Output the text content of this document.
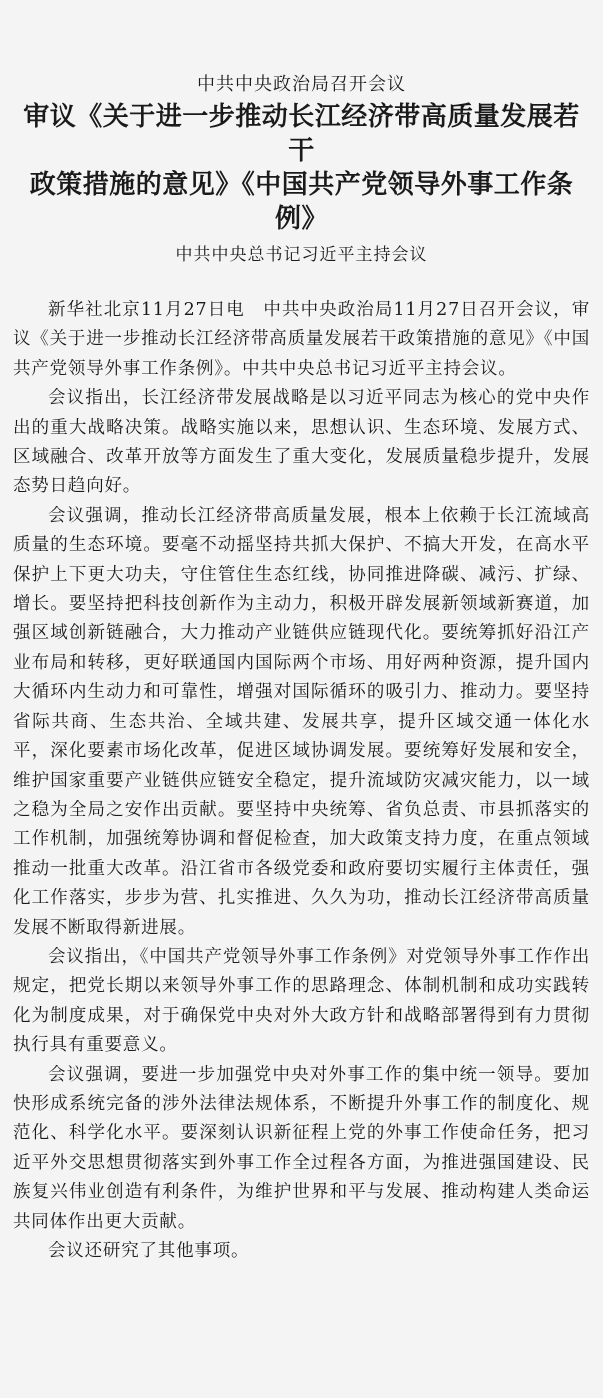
中共中央政治局召开会议
审议《关于进一步推动长江经济带高质量发展若干
政策措施的意见》《中国共产党领导外事工作条例》
中共中央总书记习近平主持会议

新华社北京11月27日电　中共中央政治局11月27日召开会议，审议《关于进一步推动长江经济带高质量发展若干政策措施的意见》《中国共产党领导外事工作条例》。中共中央总书记习近平主持会议。

会议指出，长江经济带发展战略是以习近平同志为核心的党中央作出的重大战略决策。战略实施以来，思想认识、生态环境、发展方式、区域融合、改革开放等方面发生了重大变化，发展质量稳步提升，发展态势日趋向好。

会议强调，推动长江经济带高质量发展，根本上依赖于长江流域高质量的生态环境。要毫不动摇坚持共抓大保护、不搞大开发，在高水平保护上下更大功夫，守住管住生态红线，协同推进降碳、减污、扩绿、增长。要坚持把科技创新作为主动力，积极开辟发展新领域新赛道，加强区域创新链融合，大力推动产业链供应链现代化。要统筹抓好沿江产业布局和转移，更好联通国内国际两个市场、用好两种资源，提升国内大循环内生动力和可靠性，增强对国际循环的吸引力、推动力。要坚持省际共商、生态共治、全域共建、发展共享，提升区域交通一体化水平，深化要素市场化改革，促进区域协调发展。要统筹好发展和安全，维护国家重要产业链供应链安全稳定，提升流域防灾减灾能力，以一域之稳为全局之安作出贡献。要坚持中央统筹、省负总责、市县抓落实的工作机制，加强统筹协调和督促检查，加大政策支持力度，在重点领域推动一批重大改革。沿江省市各级党委和政府要切实履行主体责任，强化工作落实，步步为营、扎实推进、久久为功，推动长江经济带高质量发展不断取得新进展。

会议指出，《中国共产党领导外事工作条例》对党领导外事工作作出规定，把党长期以来领导外事工作的思路理念、体制机制和成功实践转化为制度成果，对于确保党中央对外大政方针和战略部署得到有力贯彻执行具有重要意义。

会议强调，要进一步加强党中央对外事工作的集中统一领导。要加快形成系统完备的涉外法律法规体系，不断提升外事工作的制度化、规范化、科学化水平。要深刻认识新征程上党的外事工作使命任务，把习近平外交思想贯彻落实到外事工作全过程各方面，为推进强国建设、民族复兴伟业创造有利条件，为维护世界和平与发展、推动构建人类命运共同体作出更大贡献。

会议还研究了其他事项。
